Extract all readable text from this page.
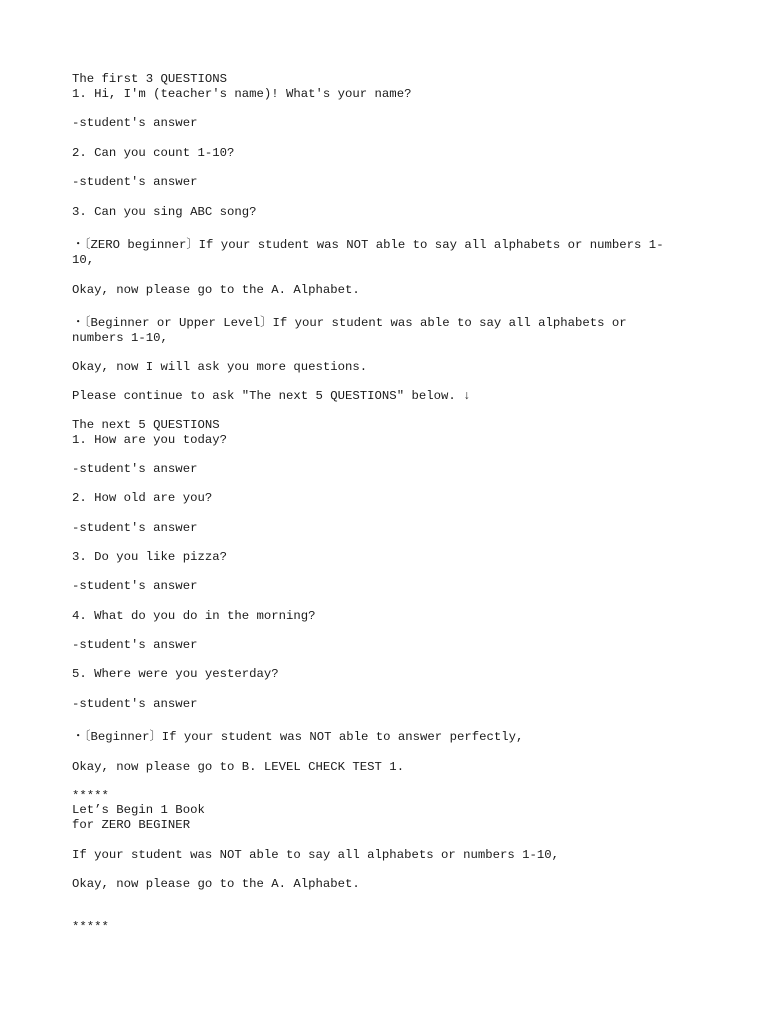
The first 3 QUESTIONS
1. Hi, I'm (teacher's name)! What's your name?
-student's answer
2. Can you count 1-10?
-student's answer
3. Can you sing ABC song?
・〔ZERO beginner〕If your student was NOT able to say all alphabets or numbers 1-
10,
Okay, now please go to the A. Alphabet.
・〔Beginner or Upper Level〕If your student was able to say all alphabets or
numbers 1-10,
Okay, now I will ask you more questions.
Please continue to ask "The next 5 QUESTIONS" below. ↓
The next 5 QUESTIONS
1. How are you today?
-student's answer
2. How old are you?
-student's answer
3. Do you like pizza?
-student's answer
4. What do you do in the morning?
-student's answer
5. Where were you yesterday?
-student's answer
・〔Beginner〕If your student was NOT able to answer perfectly,
Okay, now please go to B. LEVEL CHECK TEST 1.
*****
Let’s Begin 1 Book
for ZERO BEGINER
If your student was NOT able to say all alphabets or numbers 1-10,
Okay, now please go to the A. Alphabet.
*****
